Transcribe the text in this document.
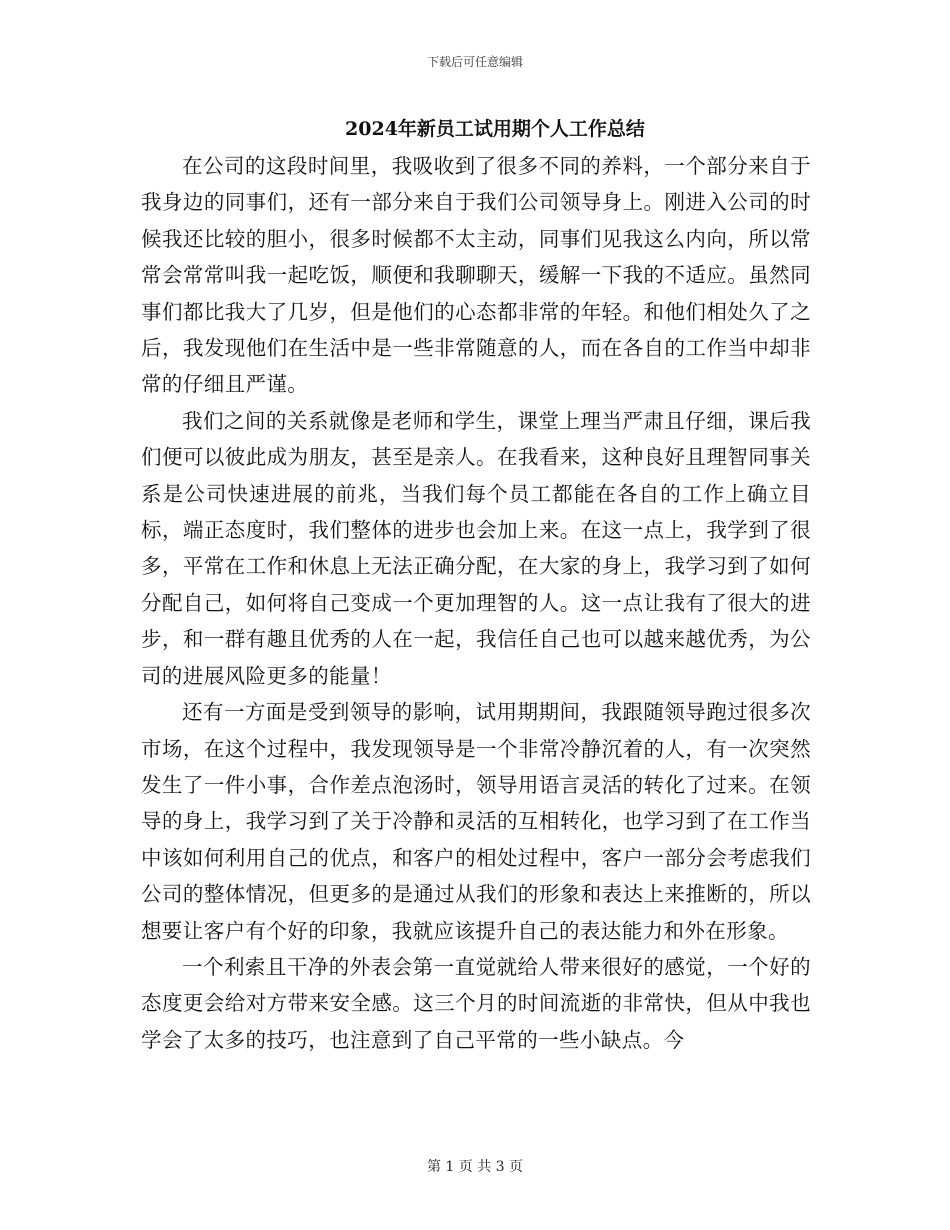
下载后可任意编辑
2024年新员工试用期个人工作总结

在公司的这段时间里，我吸收到了很多不同的养料，一个部分来自于我身边的同事们，还有一部分来自于我们公司领导身上。刚进入公司的时候我还比较的胆小，很多时候都不太主动，同事们见我这么内向，所以常常会常常叫我一起吃饭，顺便和我聊聊天，缓解一下我的不适应。虽然同事们都比我大了几岁，但是他们的心态都非常的年轻。和他们相处久了之后，我发现他们在生活中是一些非常随意的人，而在各自的工作当中却非常的仔细且严谨。

我们之间的关系就像是老师和学生，课堂上理当严肃且仔细，课后我们便可以彼此成为朋友，甚至是亲人。在我看来，这种良好且理智同事关系是公司快速进展的前兆，当我们每个员工都能在各自的工作上确立目标，端正态度时，我们整体的进步也会加上来。在这一点上，我学到了很多，平常在工作和休息上无法正确分配，在大家的身上，我学习到了如何分配自己，如何将自己变成一个更加理智的人。这一点让我有了很大的进步，和一群有趣且优秀的人在一起，我信任自己也可以越来越优秀，为公司的进展风险更多的能量！

还有一方面是受到领导的影响，试用期期间，我跟随领导跑过很多次市场，在这个过程中，我发现领导是一个非常冷静沉着的人，有一次突然发生了一件小事，合作差点泡汤时，领导用语言灵活的转化了过来。在领导的身上，我学习到了关于冷静和灵活的互相转化，也学习到了在工作当中该如何利用自己的优点，和客户的相处过程中，客户一部分会考虑我们公司的整体情况，但更多的是通过从我们的形象和表达上来推断的，所以想要让客户有个好的印象，我就应该提升自己的表达能力和外在形象。

一个利索且干净的外表会第一直觉就给人带来很好的感觉，一个好的态度更会给对方带来安全感。这三个月的时间流逝的非常快，但从中我也学会了太多的技巧，也注意到了自己平常的一些小缺点。今

第 1 页 共 3 页
